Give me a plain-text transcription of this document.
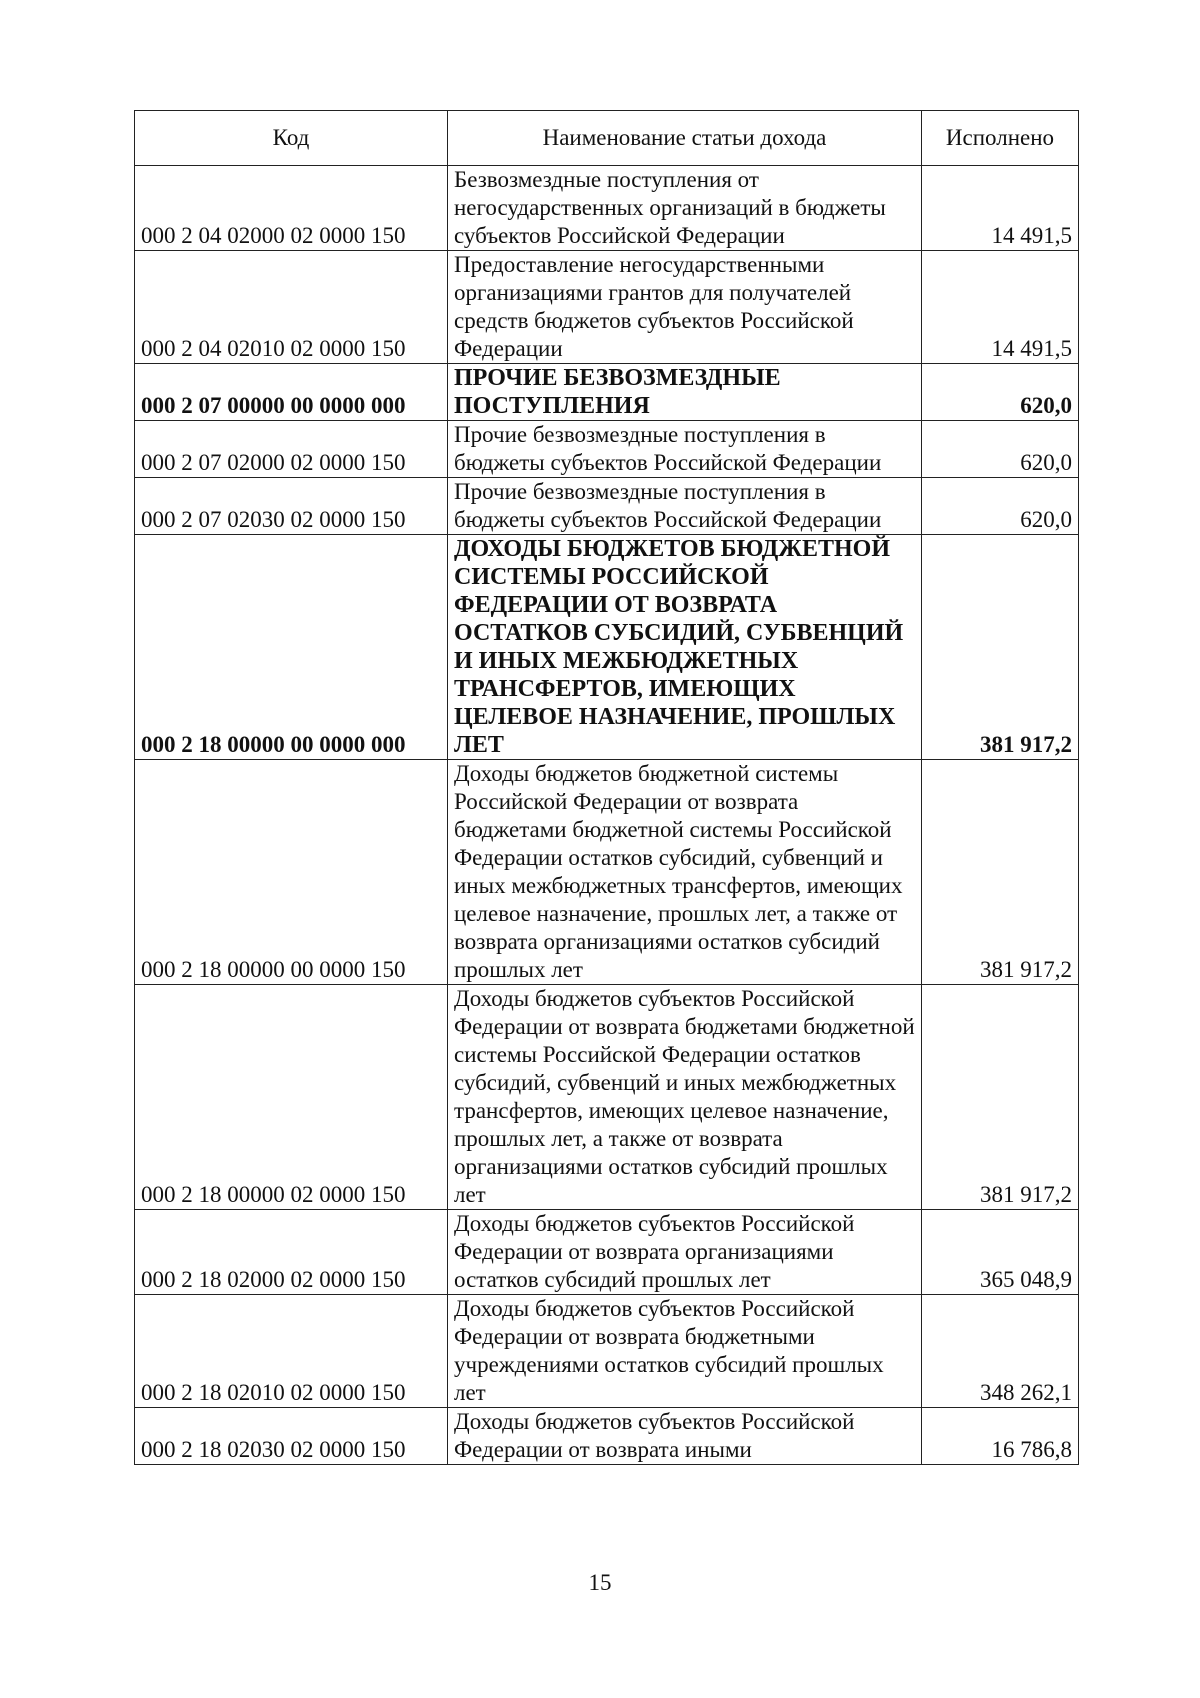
Код	Наименование статьи дохода	Исполнено
000 2 04 02000 02 0000 150	Безвозмездные поступления от негосударственных организаций в бюджеты субъектов Российской Федерации	14 491,5
000 2 04 02010 02 0000 150	Предоставление негосударственными организациями грантов для получателей средств бюджетов субъектов Российской Федерации	14 491,5
000 2 07 00000 00 0000 000	ПРОЧИЕ БЕЗВОЗМЕЗДНЫЕ ПОСТУПЛЕНИЯ	620,0
000 2 07 02000 02 0000 150	Прочие безвозмездные поступления в бюджеты субъектов Российской Федерации	620,0
000 2 07 02030 02 0000 150	Прочие безвозмездные поступления в бюджеты субъектов Российской Федерации	620,0
000 2 18 00000 00 0000 000	ДОХОДЫ БЮДЖЕТОВ БЮДЖЕТНОЙ СИСТЕМЫ РОССИЙСКОЙ ФЕДЕРАЦИИ ОТ ВОЗВРАТА ОСТАТКОВ СУБСИДИЙ, СУБВЕНЦИЙ И ИНЫХ МЕЖБЮДЖЕТНЫХ ТРАНСФЕРТОВ, ИМЕЮЩИХ ЦЕЛЕВОЕ НАЗНАЧЕНИЕ, ПРОШЛЫХ ЛЕТ	381 917,2
000 2 18 00000 00 0000 150	Доходы бюджетов бюджетной системы Российской Федерации от возврата бюджетами бюджетной системы Российской Федерации остатков субсидий, субвенций и иных межбюджетных трансфертов, имеющих целевое назначение, прошлых лет, а также от возврата организациями остатков субсидий прошлых лет	381 917,2
000 2 18 00000 02 0000 150	Доходы бюджетов субъектов Российской Федерации от возврата бюджетами бюджетной системы Российской Федерации остатков субсидий, субвенций и иных межбюджетных трансфертов, имеющих целевое назначение, прошлых лет, а также от возврата организациями остатков субсидий прошлых лет	381 917,2
000 2 18 02000 02 0000 150	Доходы бюджетов субъектов Российской Федерации от возврата организациями остатков субсидий прошлых лет	365 048,9
000 2 18 02010 02 0000 150	Доходы бюджетов субъектов Российской Федерации от возврата бюджетными учреждениями остатков субсидий прошлых лет	348 262,1
000 2 18 02030 02 0000 150	Доходы бюджетов субъектов Российской Федерации от возврата иными	16 786,8
15
